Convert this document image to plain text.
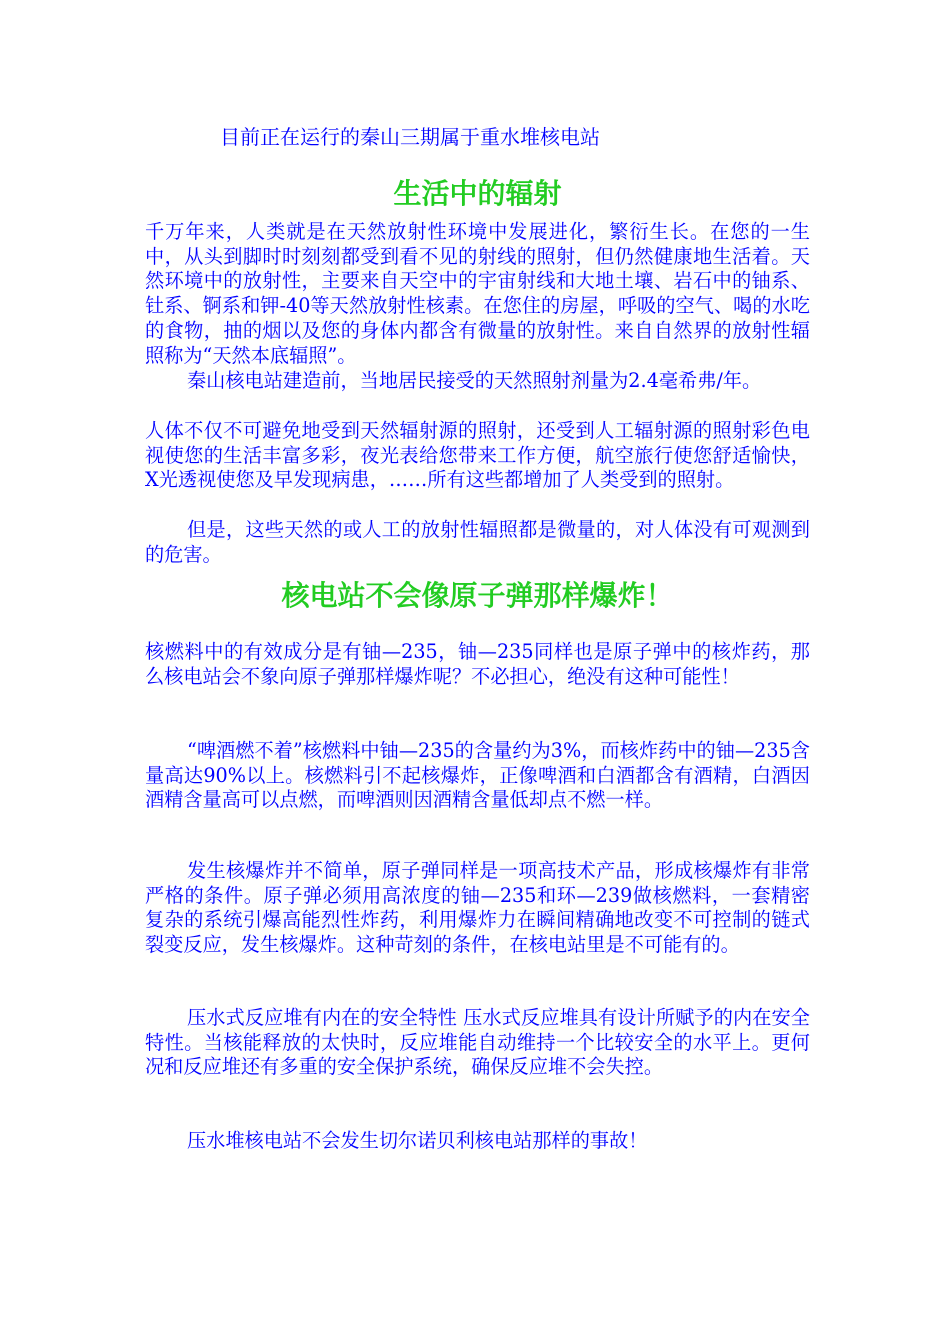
目前正在运行的秦山三期属于重水堆核电站
生活中的辐射

千万年来，人类就是在天然放射性环境中发展进化，繁衍生长。在您的一生中，从头到脚时时刻刻都受到看不见的射线的照射，但仍然健康地生活着。天然环境中的放射性，主要来自天空中的宇宙射线和大地土壤、岩石中的铀系、钍系、锕系和钾-40等天然放射性核素。在您住的房屋，呼吸的空气、喝的水吃的食物，抽的烟以及您的身体内都含有微量的放射性。来自自然界的放射性辐照称为“天然本底辐照”。

秦山核电站建造前，当地居民接受的天然照射剂量为2.4毫希弗/年。

人体不仅不可避免地受到天然辐射源的照射，还受到人工辐射源的照射彩色电视使您的生活丰富多彩，夜光表给您带来工作方便，航空旅行使您舒适愉快，X光透视使您及早发现病患，……所有这些都增加了人类受到的照射。

但是，这些天然的或人工的放射性辐照都是微量的，对人体没有可观测到的危害。

核电站不会像原子弹那样爆炸！

核燃料中的有效成分是有铀—235，铀—235同样也是原子弹中的核炸药，那么核电站会不象向原子弹那样爆炸呢？不必担心，绝没有这种可能性！

“啤酒燃不着”核燃料中铀—235的含量约为3%，而核炸药中的铀—235含量高达90%以上。核燃料引不起核爆炸，正像啤酒和白酒都含有酒精，白酒因酒精含量高可以点燃，而啤酒则因酒精含量低却点不燃一样。

发生核爆炸并不简单，原子弹同样是一项高技术产品，形成核爆炸有非常严格的条件。原子弹必须用高浓度的铀—235和环—239做核燃料，一套精密复杂的系统引爆高能烈性炸药，利用爆炸力在瞬间精确地改变不可控制的链式裂变反应，发生核爆炸。这种苛刻的条件，在核电站里是不可能有的。

压水式反应堆有内在的安全特性 压水式反应堆具有设计所赋予的内在安全特性。当核能释放的太快时，反应堆能自动维持一个比较安全的水平上。更何况和反应堆还有多重的安全保护系统，确保反应堆不会失控。

压水堆核电站不会发生切尔诺贝利核电站那样的事故！
